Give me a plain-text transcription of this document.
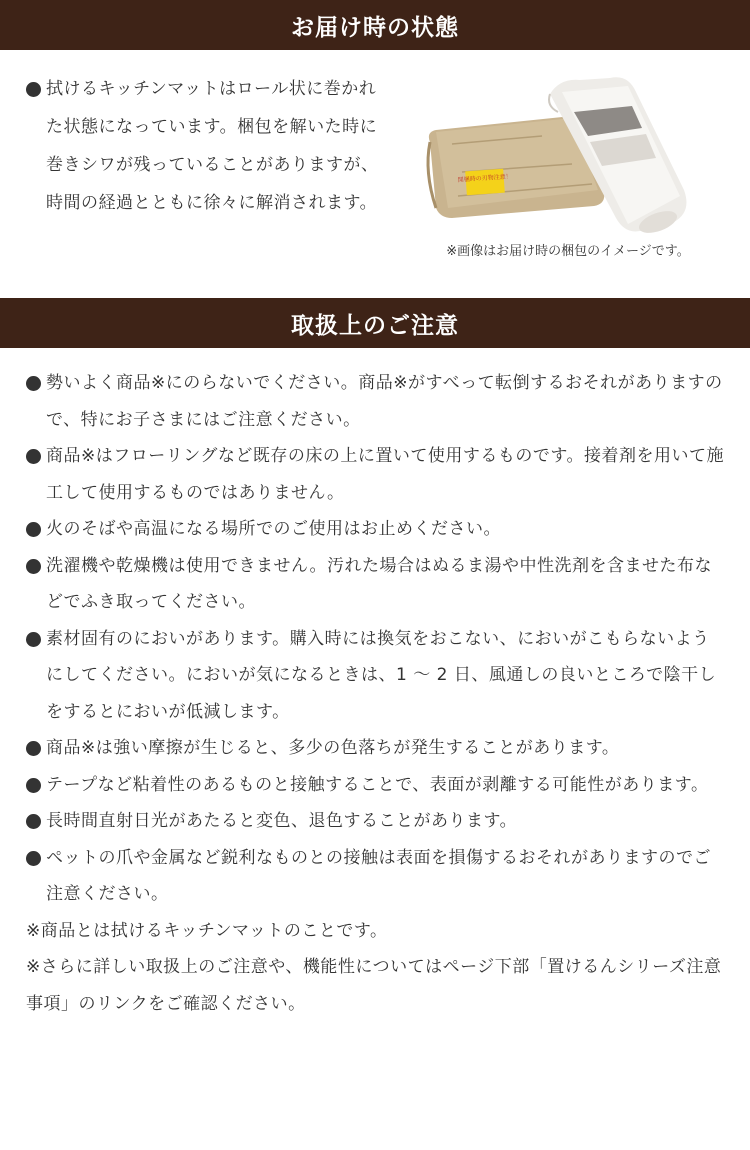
お届け時の状態
拭けるキッチンマットはロール状に巻かれた状態になっています。梱包を解いた時に巻きシワが残っていることがありますが、時間の経過とともに徐々に解消されます。
開梱時の刃物注意！
※画像はお届け時の梱包のイメージです。
取扱上のご注意
勢いよく商品※にのらないでください。商品※がすべって転倒するおそれがありますので、特にお子さまにはご注意ください。
商品※はフローリングなど既存の床の上に置いて使用するものです。接着剤を用いて施工して使用するものではありません。
火のそばや高温になる場所でのご使用はお止めください。
洗濯機や乾燥機は使用できません。汚れた場合はぬるま湯や中性洗剤を含ませた布などでふき取ってください。
素材固有のにおいがあります。購入時には換気をおこない、においがこもらないようにしてください。においが気になるときは、1 〜 2 日、風通しの良いところで陰干しをするとにおいが低減します。
商品※は強い摩擦が生じると、多少の色落ちが発生することがあります。
テープなど粘着性のあるものと接触することで、表面が剥離する可能性があります。
長時間直射日光があたると変色、退色することがあります。
ペットの爪や金属など鋭利なものとの接触は表面を損傷するおそれがありますのでご注意ください。
※商品とは拭けるキッチンマットのことです。
※さらに詳しい取扱上のご注意や、機能性についてはページ下部「置けるんシリーズ注意事項」のリンクをご確認ください。
